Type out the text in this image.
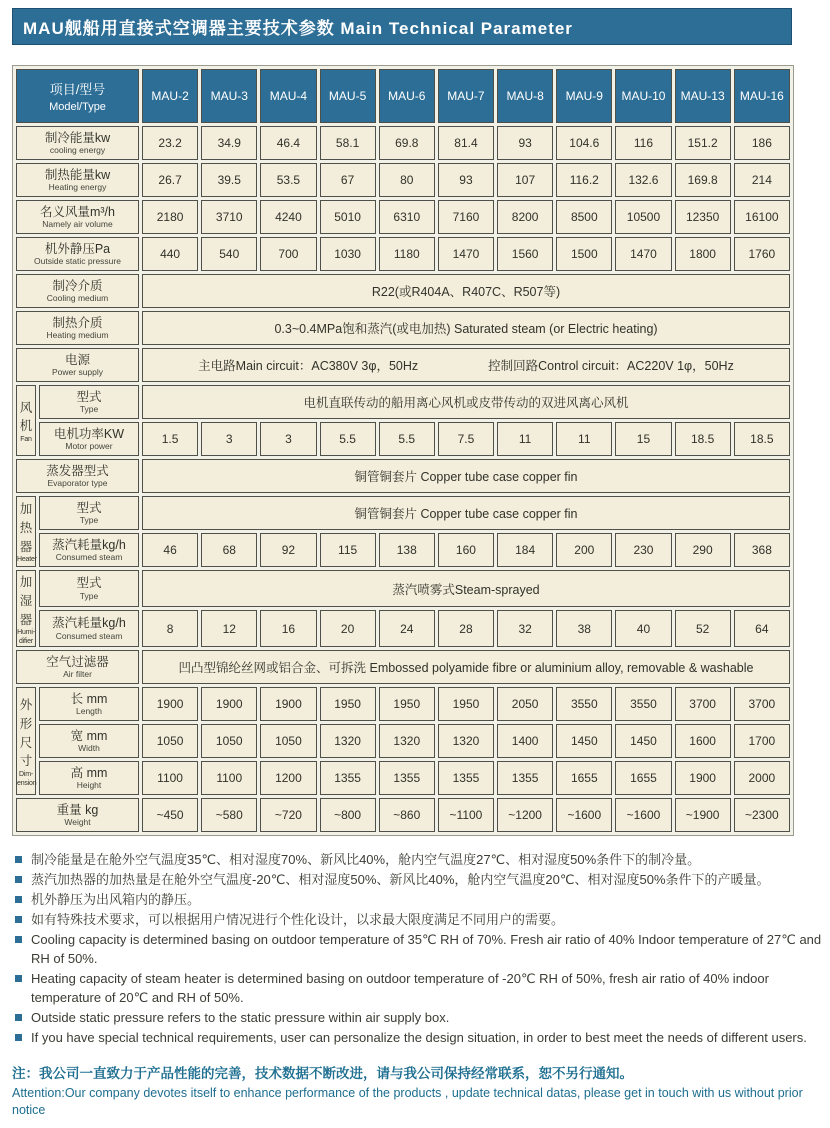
MAU舰船用直接式空调器主要技术参数 Main Technical Parameter
项目/型号
Model/Type		MAU-2	MAU-3	MAU-4	MAU-5	MAU-6	MAU-7	MAU-8	MAU-9	MAU-10	MAU-13	MAU-16

制冷能量kw
cooling energy		23.2	34.9	46.4	58.1	69.8	81.4	93	104.6	116	151.2	186

制热能量kw
Heating energy		26.7	39.5	53.5	67	80	93	107	116.2	132.6	169.8	214

名义风量m³/h
Namely air volume		2180	3710	4240	5010	6310	7160	8200	8500	10500	12350	16100

机外静压Pa
Outside static pressure		440	540	700	1030	1180	1470	1560	1500	1470	1800	1760

制冷介质
Cooling medium		R22(或R404A、R407C、R507等)										

制热介质
Heating medium		0.3~0.4MPa饱和蒸汽(或电加热) Saturated steam (or Electric heating)										

电源
Power supply	主电路Main circuit：AC380V 3φ，50Hz	控制回路Control circuit：AC220V 1φ，50Hz

风机
Fan

型式
Type	电机直联传动的船用离心风机或皮带传动的双进风离心风机

	电机功率KW
Motor power	1.5	3	3	5.5	5.5	7.5	11	11	15	18.5	18.5

蒸发器型式
Evaporator type		铜管铜套片 Copper tube case copper fin										

加热器
Heater

型式
Type	铜管铜套片 Copper tube case copper fin

	蒸汽耗量kg/h
Consumed steam	46	68	92	115	138	160	184	200	230	290	368

加湿器
Humi-
difier

型式
Type	蒸汽喷雾式Steam-sprayed

	蒸汽耗量kg/h
Consumed steam	8	12	16	20	24	28	32	38	40	52	64

空气过滤器
Air filter		凹凸型锦纶丝网或铝合金、可拆洗 Embossed polyamide fibre or aluminium alloy, removable & washable										

外形尺寸
Dim-
ension

长 mm
Length
	1900	1900	1900	1950	1950	1950	2050	3550	3550	3700	3700

	宽 mm
Width	1050	1050	1050	1320	1320	1320	1400	1450	1450	1600	1700

	高 mm
Height	1100	1100	1200	1355	1355	1355	1355	1655	1655	1900	2000

重量 kg
Weight		~450	~580	~720	~800	~860	~1100	~1200	~1600	~1600	~1900	~2300
制冷能量是在舱外空气温度35℃、相对湿度70%、新风比40%，舱内空气温度27℃、相对湿度50%条件下的制冷量。
蒸汽加热器的加热量是在舱外空气温度-20℃、相对湿度50%、新风比40%，舱内空气温度20℃、相对湿度50%条件下的产暖量。
机外静压为出风箱内的静压。
如有特殊技术要求，可以根据用户情况进行个性化设计，以求最大限度满足不同用户的需要。
Cooling capacity is determined basing on outdoor temperature of 35℃ RH of 70%. Fresh air ratio of 40% Indoor temperature of 27℃ and RH of 50%.
Heating capacity of steam heater is determined basing on outdoor temperature of -20℃ RH of 50%, fresh air ratio of 40% indoor temperature of 20℃ and RH of 50%.
Outside static pressure refers to the static pressure within air supply box.
If you have special technical requirements, user can personalize the design situation, in order to best meet the needs of different users.
注：我公司一直致力于产品性能的完善，技术数据不断改进，请与我公司保持经常联系，恕不另行通知。
Attention:Our company devotes itself to enhance performance of the products , update technical datas, please get in touch with us without prior notice
